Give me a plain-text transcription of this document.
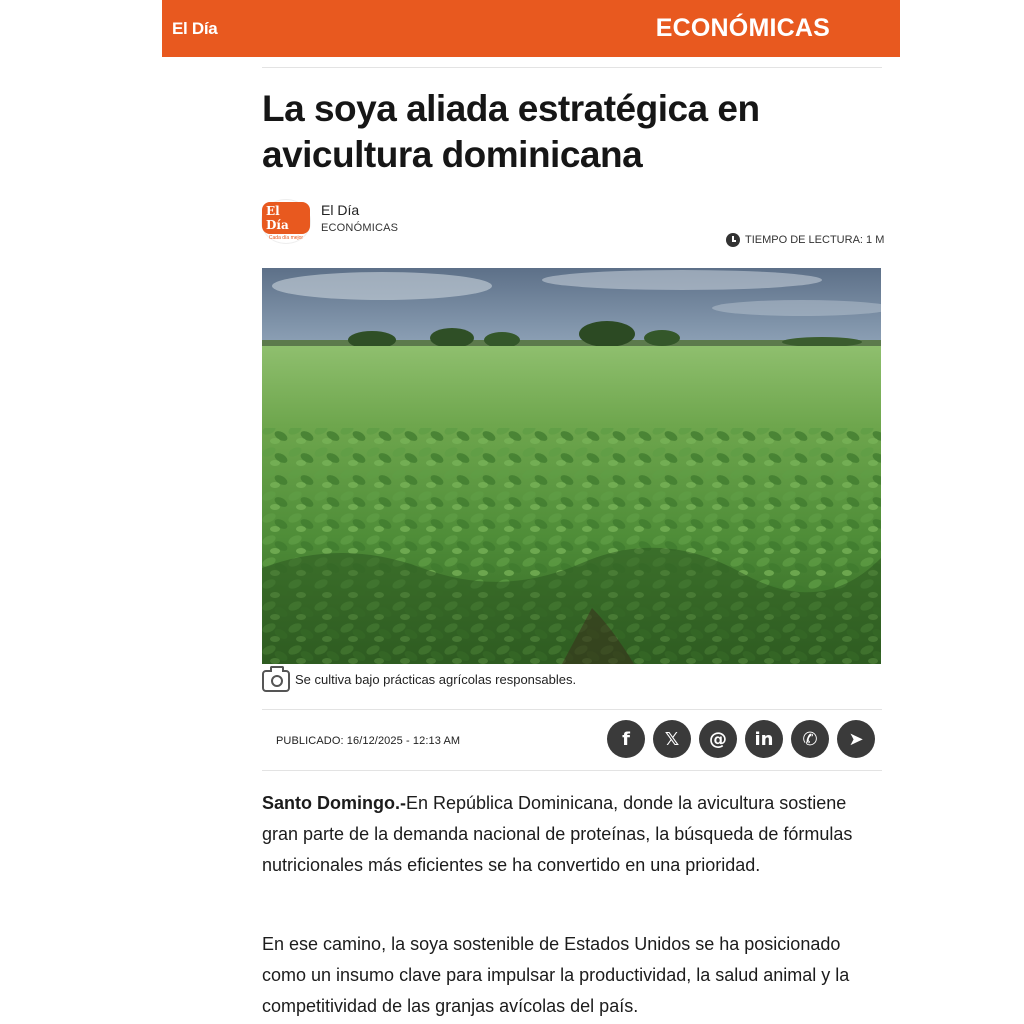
El Día	ECONÓMICAS
La soya aliada estratégica en
avicultura dominicana
El Día
Cada día mejor
El Día
ECONÓMICAS
TIEMPO DE LECTURA: 1 M
Se cultiva bajo prácticas agrícolas responsables.
PUBLICADO: 16/12/2025 - 12:13 AM	f	𝕏	@	in	✆	➤

Santo Domingo.-En República Dominicana, donde la avicultura sostiene gran parte de la demanda nacional de proteínas, la búsqueda de fórmulas nutricionales más eficientes se ha convertido en una prioridad.

En ese camino, la soya sostenible de Estados Unidos se ha posicionado como un insumo clave para impulsar la productividad, la salud animal y la competitividad de las granjas avícolas del país.
